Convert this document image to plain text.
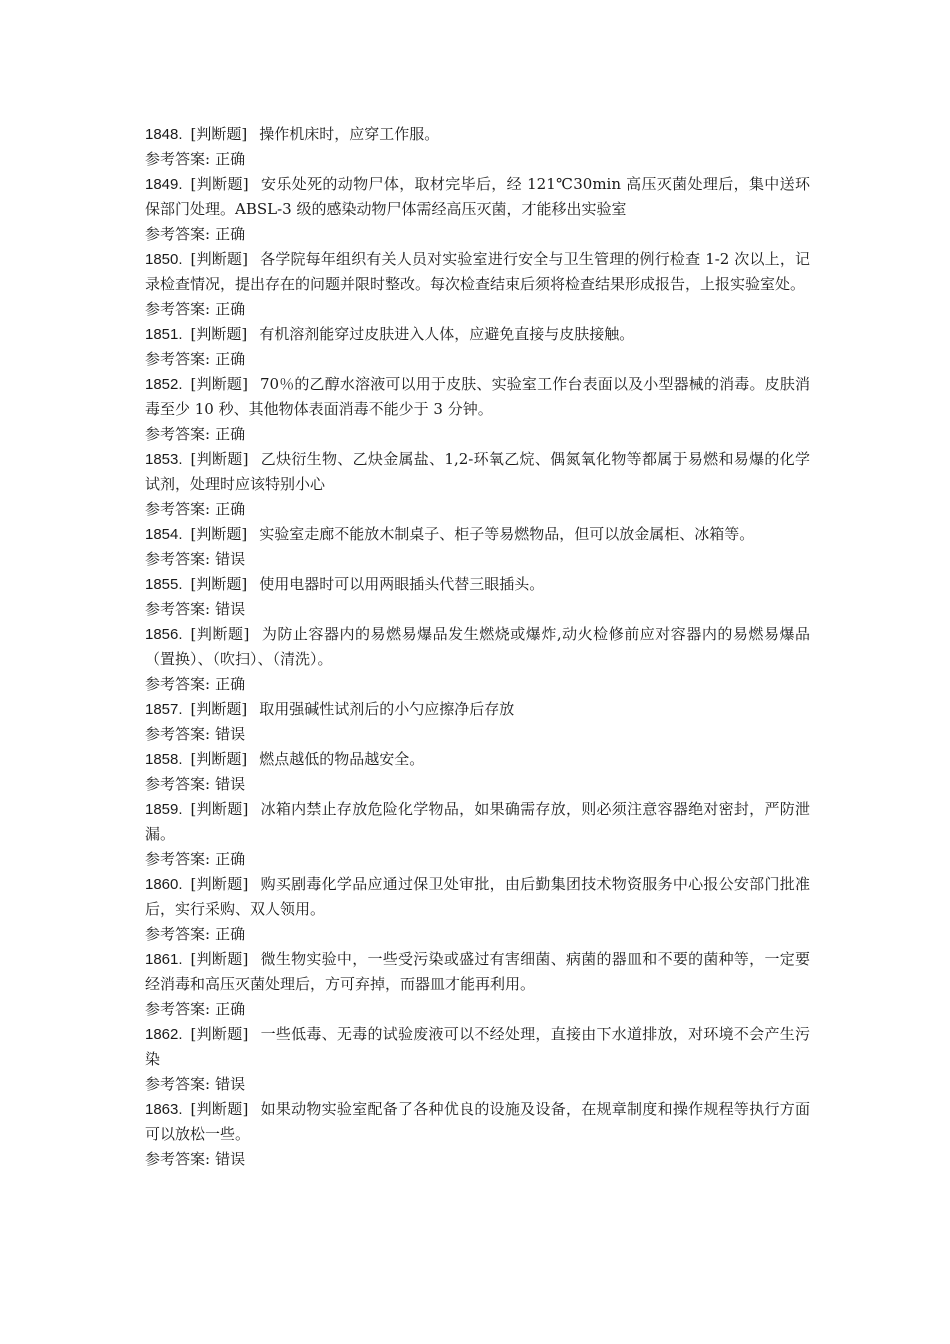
1848. [判断题] 操作机床时，应穿工作服。
参考答案: 正确
1849. [判断题] 安乐处死的动物尸体，取材完毕后，经 121℃30min 高压灭菌处理后，集中送环保部门处理。ABSL-3 级的感染动物尸体需经高压灭菌，才能移出实验室
参考答案: 正确
1850. [判断题] 各学院每年组织有关人员对实验室进行安全与卫生管理的例行检查 1-2 次以上，记录检查情况，提出存在的问题并限时整改。每次检查结束后须将检查结果形成报告，上报实验室处。
参考答案: 正确
1851. [判断题] 有机溶剂能穿过皮肤进入人体，应避免直接与皮肤接触。
参考答案: 正确
1852. [判断题] 70％的乙醇水溶液可以用于皮肤、实验室工作台表面以及小型器械的消毒。皮肤消毒至少 10 秒、其他物体表面消毒不能少于 3 分钟。
参考答案: 正确
1853. [判断题] 乙炔衍生物、乙炔金属盐、1,2-环氧乙烷、偶氮氧化物等都属于易燃和易爆的化学试剂，处理时应该特别小心
参考答案: 正确
1854. [判断题] 实验室走廊不能放木制桌子、柜子等易燃物品，但可以放金属柜、冰箱等。
参考答案: 错误
1855. [判断题] 使用电器时可以用两眼插头代替三眼插头。
参考答案: 错误
1856. [判断题] 为防止容器内的易燃易爆品发生燃烧或爆炸,动火检修前应对容器内的易燃易爆品 （置换）、（吹扫）、（清洗）。
参考答案: 正确
1857. [判断题] 取用强碱性试剂后的小勺应擦净后存放
参考答案: 错误
1858. [判断题] 燃点越低的物品越安全。
参考答案: 错误
1859. [判断题] 冰箱内禁止存放危险化学物品，如果确需存放，则必须注意容器绝对密封，严防泄漏。
参考答案: 正确
1860. [判断题] 购买剧毒化学品应通过保卫处审批，由后勤集团技术物资服务中心报公安部门批准后，实行采购、双人领用。
参考答案: 正确
1861. [判断题] 微生物实验中，一些受污染或盛过有害细菌、病菌的器皿和不要的菌种等，一定要经消毒和高压灭菌处理后，方可弃掉，而器皿才能再利用。
参考答案: 正确
1862. [判断题] 一些低毒、无毒的试验废液可以不经处理，直接由下水道排放，对环境不会产生污染
参考答案: 错误
1863. [判断题] 如果动物实验室配备了各种优良的设施及设备，在规章制度和操作规程等执行方面可以放松一些。
参考答案: 错误
